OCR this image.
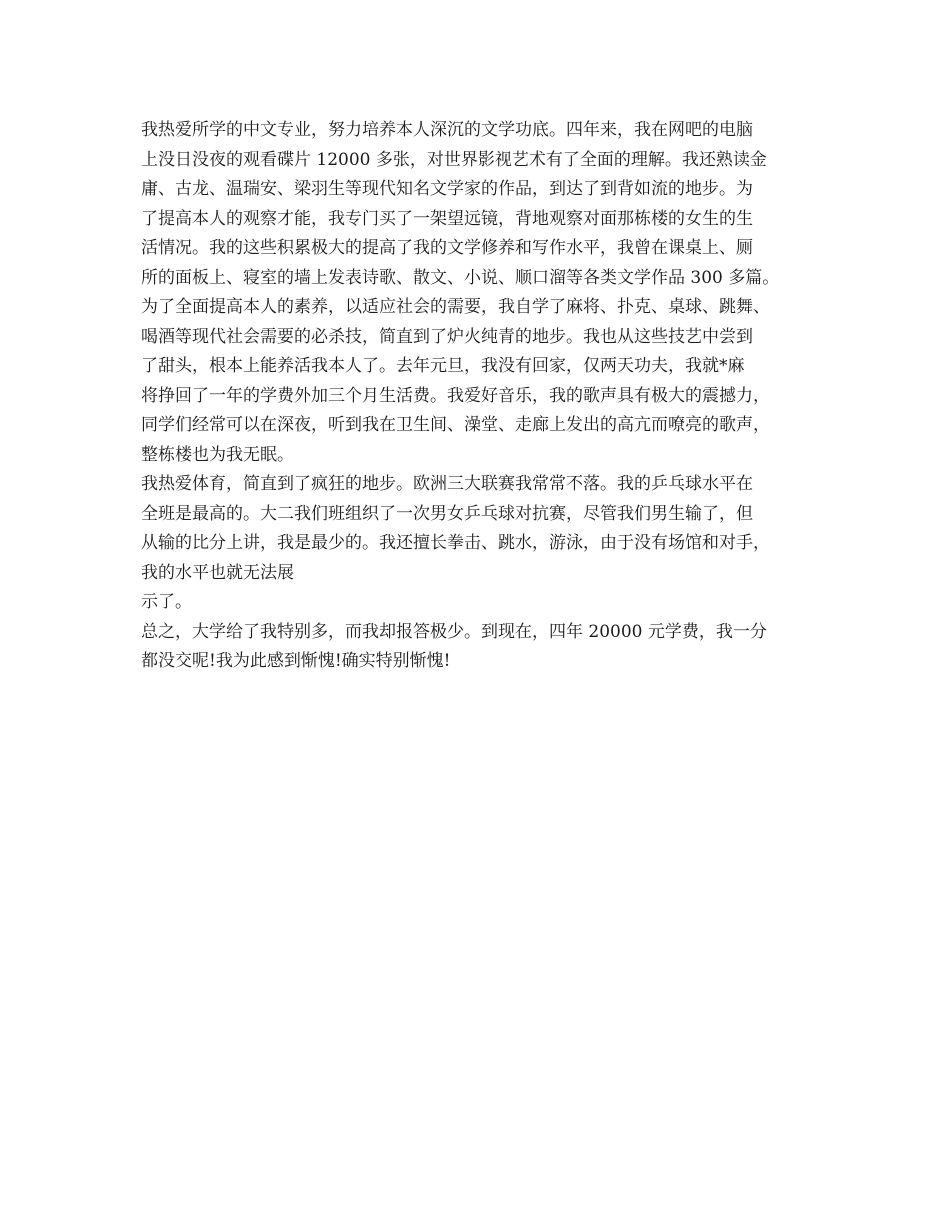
我热爱所学的中文专业，努力培养本人深沉的文学功底。四年来，我在网吧的电脑
上没日没夜的观看碟片 12000 多张，对世界影视艺术有了全面的理解。我还熟读金
庸、古龙、温瑞安、梁羽生等现代知名文学家的作品，到达了到背如流的地步。为
了提高本人的观察才能，我专门买了一架望远镜，背地观察对面那栋楼的女生的生
活情况。我的这些积累极大的提高了我的文学修养和写作水平，我曾在课桌上、厕
所的面板上、寝室的墙上发表诗歌、散文、小说、顺口溜等各类文学作品 300 多篇。
为了全面提高本人的素养，以适应社会的需要，我自学了麻将、扑克、桌球、跳舞、
喝酒等现代社会需要的必杀技，简直到了炉火纯青的地步。我也从这些技艺中尝到
了甜头，根本上能养活我本人了。去年元旦，我没有回家，仅两天功夫，我就*麻
将挣回了一年的学费外加三个月生活费。我爱好音乐，我的歌声具有极大的震撼力，
同学们经常可以在深夜，听到我在卫生间、澡堂、走廊上发出的高亢而嘹亮的歌声，
整栋楼也为我无眠。
我热爱体育，简直到了疯狂的地步。欧洲三大联赛我常常不落。我的乒乓球水平在
全班是最高的。大二我们班组织了一次男女乒乓球对抗赛，尽管我们男生输了，但
从输的比分上讲，我是最少的。我还擅长拳击、跳水，游泳，由于没有场馆和对手，
我的水平也就无法展
示了。
总之，大学给了我特别多，而我却报答极少。到现在，四年 20000 元学费，我一分
都没交呢!我为此感到惭愧!确实特别惭愧!
